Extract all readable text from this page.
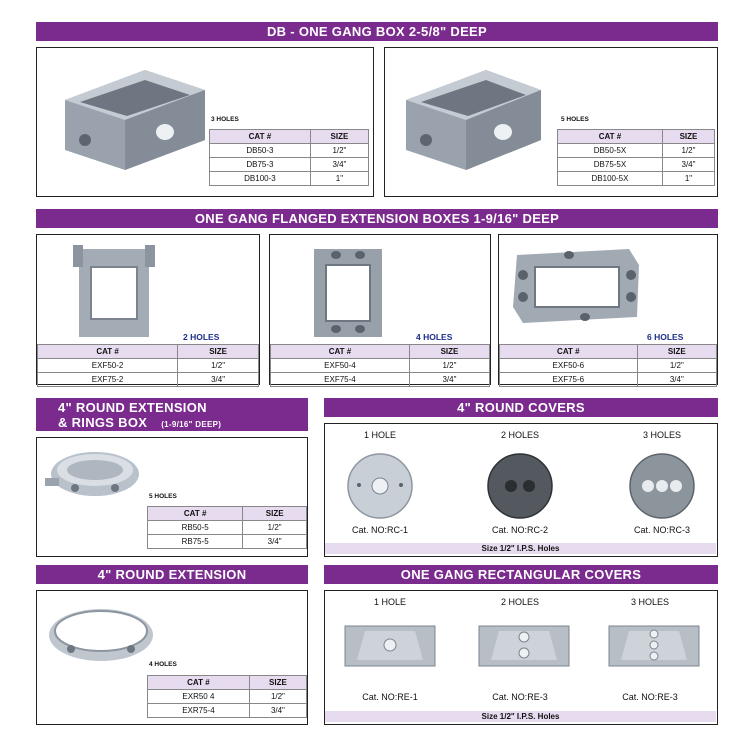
DB - ONE GANG BOX 2-5/8" DEEP
3 HOLES
CAT #	SIZE
DB50-3	1/2"
DB75-3	3/4"
DB100-3	1"
5 HOLES
CAT #	SIZE
DB50-5X	1/2"
DB75-5X	3/4"
DB100-5X	1"
ONE GANG FLANGED EXTENSION BOXES 1-9/16" DEEP
2 HOLES
CAT #	SIZE
EXF50-2	1/2"
EXF75-2	3/4"
4 HOLES
CAT #	SIZE
EXF50-4	1/2"
EXF75-4	3/4"
6 HOLES
CAT #	SIZE
EXF50-6	1/2"
EXF75-6	3/4"
4" ROUND EXTENSION
& RINGS BOX (1-9/16" DEEP)
5 HOLES
CAT #	SIZE
RB50-5	1/2"
RB75-5	3/4"
4" ROUND COVERS
1 HOLE	2 HOLES	3 HOLES
Cat. NO:RC-1	Cat. NO:RC-2	Cat. NO:RC-3
Size 1/2" I.P.S. Holes
4" ROUND EXTENSION
4 HOLES
CAT #	SIZE
EXR50 4	1/2"
EXR75-4	3/4"
ONE GANG RECTANGULAR COVERS
1 HOLE	2 HOLES	3 HOLES
Cat. NO:RE-1	Cat. NO:RE-3	Cat. NO:RE-3
Size 1/2" I.P.S. Holes
